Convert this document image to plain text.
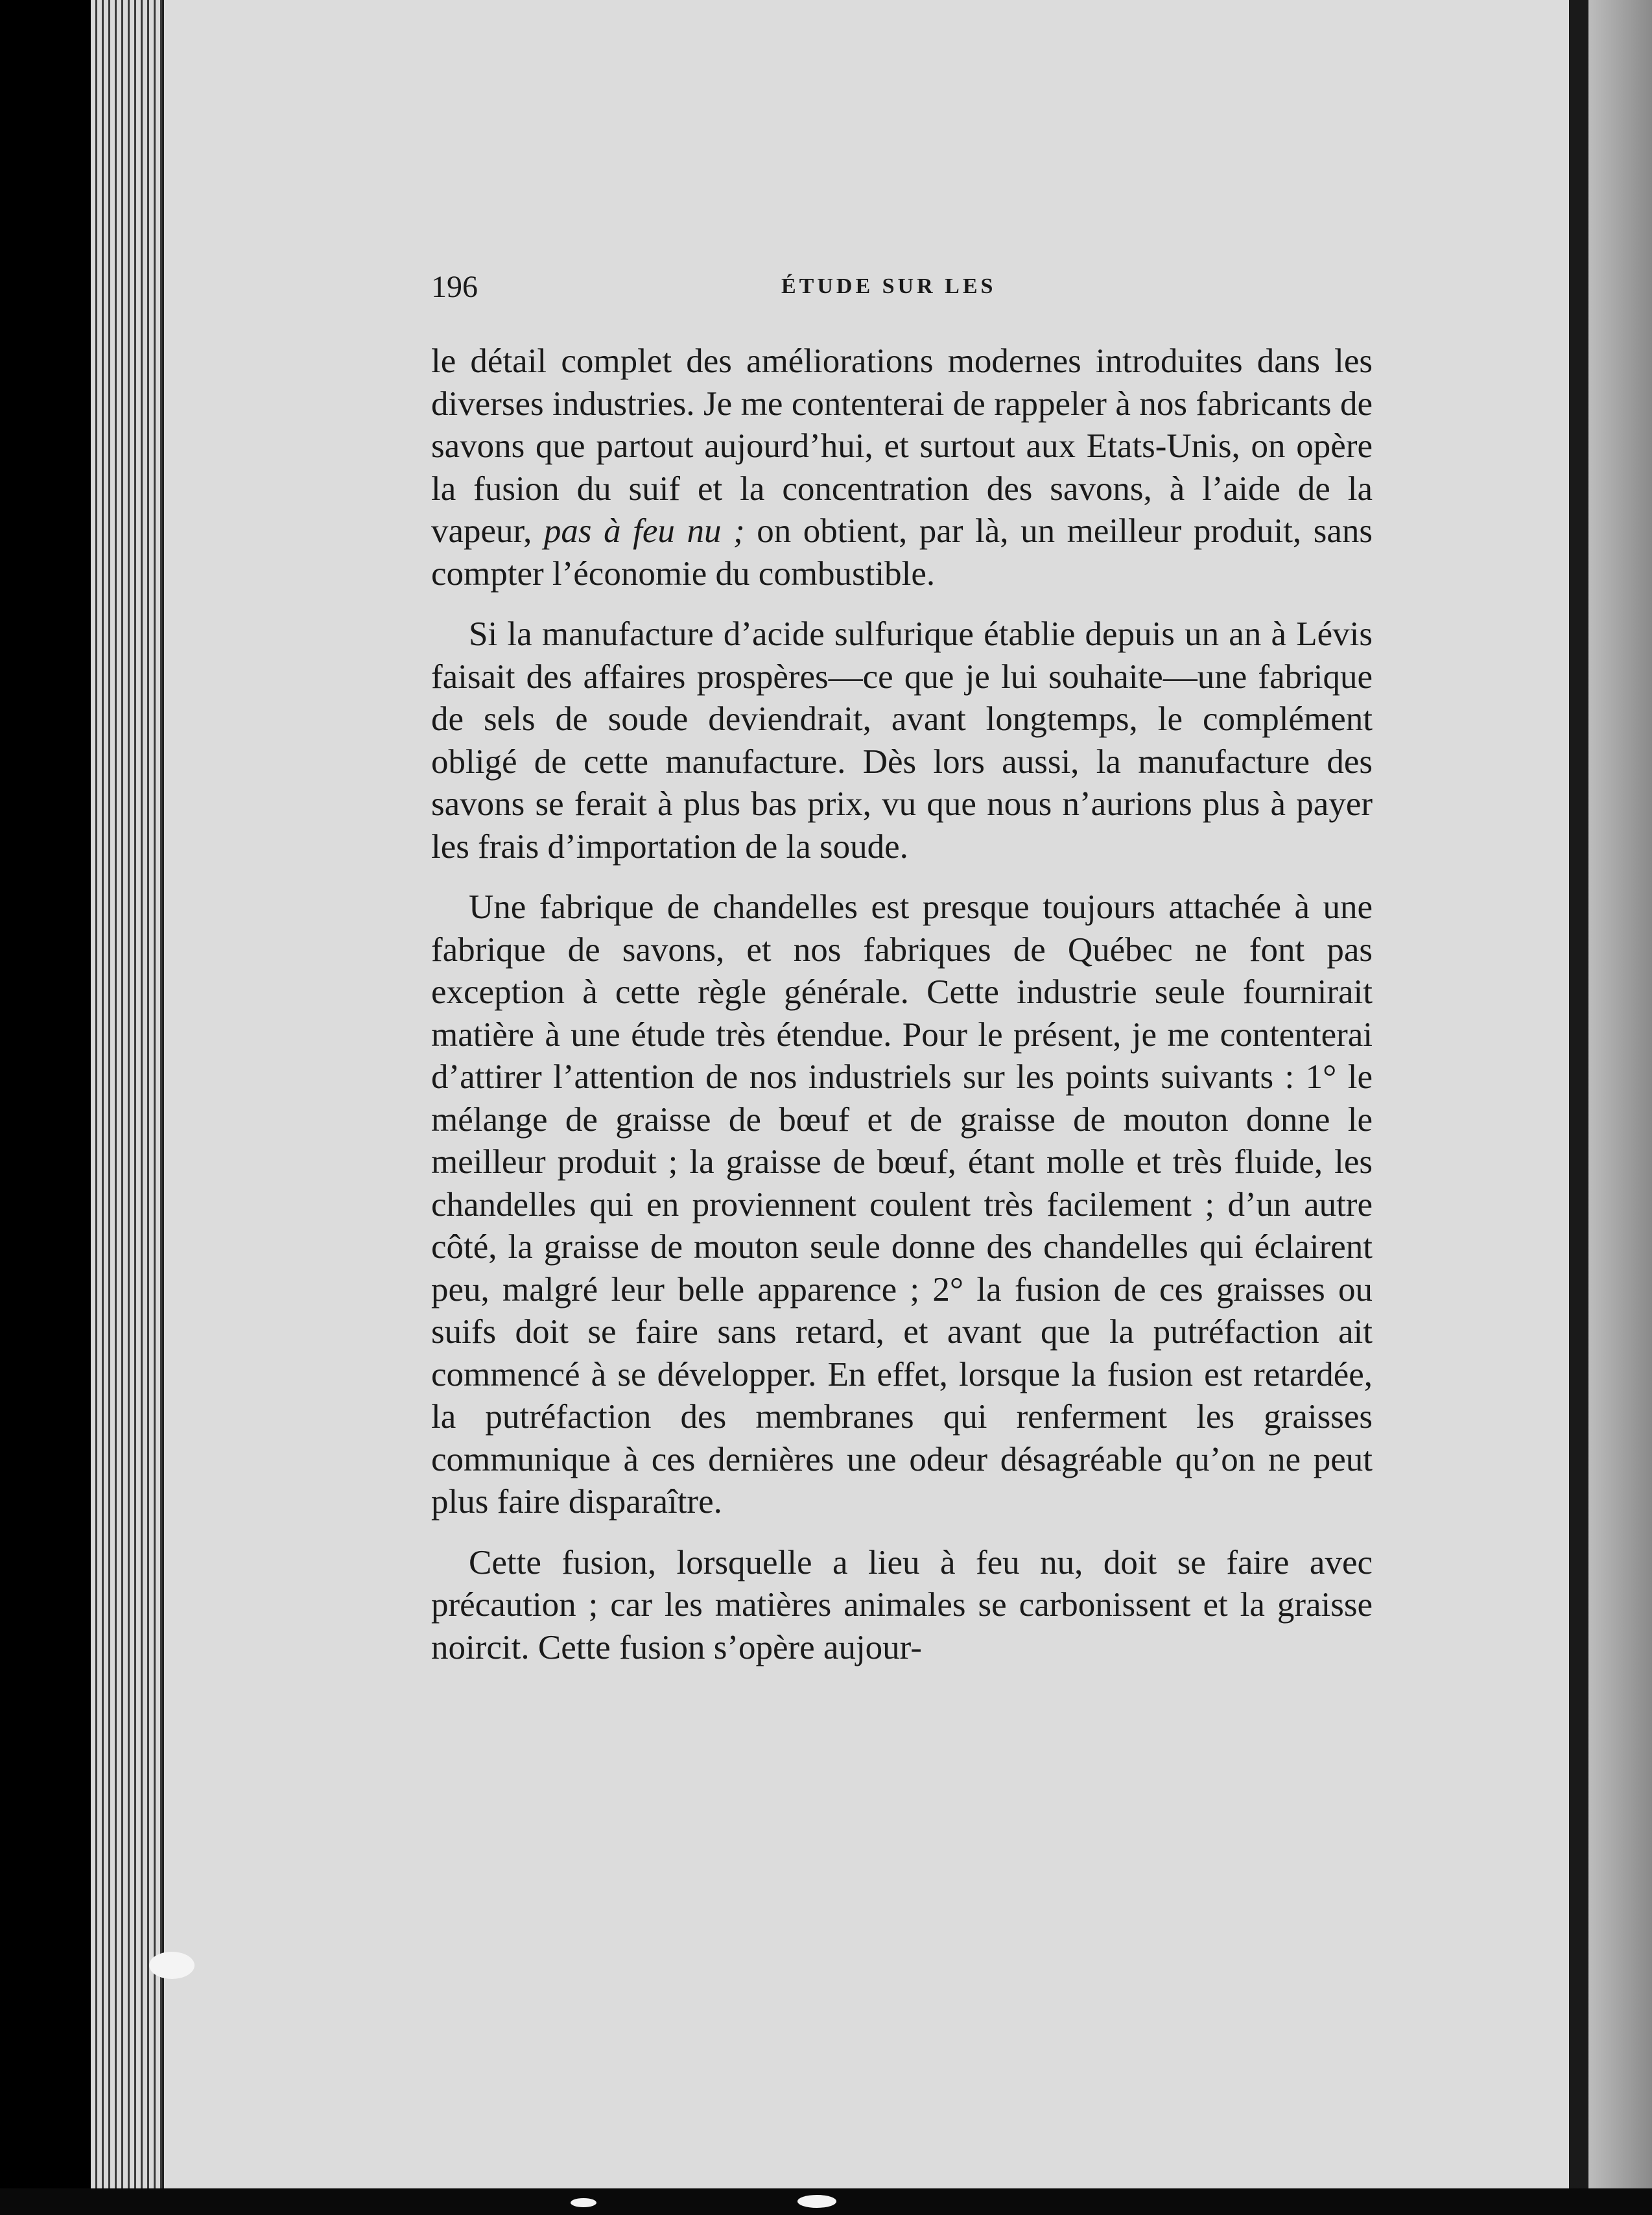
196	ÉTUDE SUR LES

le détail complet des améliorations modernes introduites dans les diverses industries. Je me contenterai de rappeler à nos fabricants de savons que partout aujourd’hui, et surtout aux Etats-Unis, on opère la fusion du suif et la concentration des savons, à l’aide de la vapeur, pas à feu nu ; on obtient, par là, un meilleur produit, sans compter l’économie du combustible.

Si la manufacture d’acide sulfurique établie depuis un an à Lévis faisait des affaires prospères—ce que je lui souhaite—une fabrique de sels de soude deviendrait, avant longtemps, le complément obligé de cette manufacture. Dès lors aussi, la manufacture des savons se ferait à plus bas prix, vu que nous n’aurions plus à payer les frais d’importation de la soude.

Une fabrique de chandelles est presque toujours attachée à une fabrique de savons, et nos fabriques de Québec ne font pas exception à cette règle générale. Cette industrie seule fournirait matière à une étude très étendue. Pour le présent, je me contenterai d’attirer l’attention de nos industriels sur les points suivants : 1° le mélange de graisse de bœuf et de graisse de mouton donne le meilleur produit ; la graisse de bœuf, étant molle et très fluide, les chandelles qui en proviennent coulent très facilement ; d’un autre côté, la graisse de mouton seule donne des chandelles qui éclairent peu, malgré leur belle apparence ; 2° la fusion de ces graisses ou suifs doit se faire sans retard, et avant que la putréfaction ait commencé à se développer. En effet, lorsque la fusion est retardée, la putréfaction des membranes qui renferment les graisses communique à ces dernières une odeur désagréable qu’on ne peut plus faire disparaître.

Cette fusion, lorsquelle a lieu à feu nu, doit se faire avec précaution ; car les matières animales se carbonissent et la graisse noircit. Cette fusion s’opère aujour-
